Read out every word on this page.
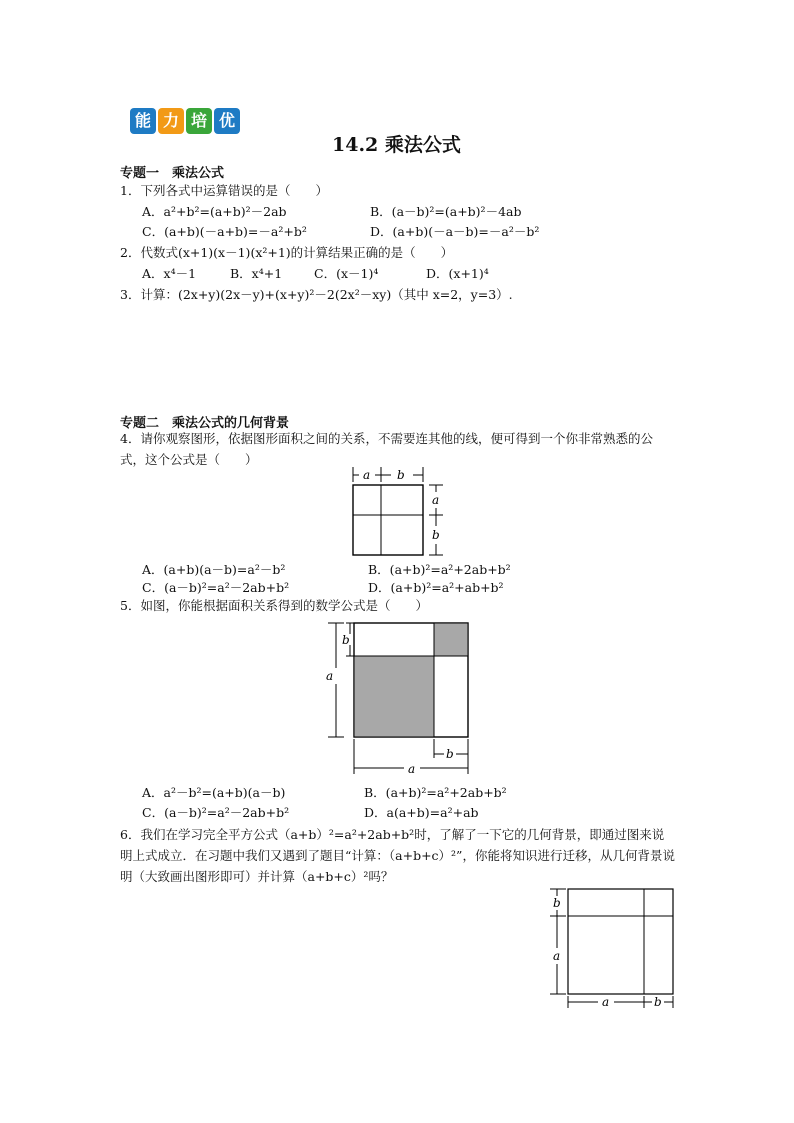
能 力 培 优
14.2 乘法公式
专题一　乘法公式
1．下列各式中运算错误的是（　　）
A．a²+b²=(a+b)²－2ab	B．(a－b)²=(a+b)²－4ab
C．(a+b)(－a+b)=－a²+b²	D．(a+b)(－a－b)=－a²－b²
2．代数式(x+1)(x－1)(x²+1)的计算结果正确的是（　　）
A．x⁴－1	B．x⁴+1	C．(x－1)⁴	D．(x+1)⁴
3．计算：(2x+y)(2x－y)+(x+y)²－2(2x²－xy)（其中 x=2，y=3）.
专题二　乘法公式的几何背景
4．请你观察图形，依据图形面积之间的关系，不需要连其他的线，便可得到一个你非常熟悉的公式，这个公式是（　　）
a b
a
b
A．(a+b)(a－b)=a²－b²	B．(a+b)²=a²+2ab+b²
C．(a－b)²=a²－2ab+b²	D．(a+b)²=a²+ab+b²
5．如图，你能根据面积关系得到的数学公式是（　　）
b
a
b
a
A．a²－b²=(a+b)(a－b)	B．(a+b)²=a²+2ab+b²
C．(a－b)²=a²－2ab+b²	D．a(a+b)=a²+ab
6．我们在学习完全平方公式（a+b）²=a²+2ab+b²时，了解了一下它的几何背景，即通过图来说明上式成立．在习题中我们又遇到了题目“计算：（a+b+c）²”，你能将知识进行迁移，从几何背景说明（大致画出图形即可）并计算（a+b+c）²吗？
b
a
a	b
